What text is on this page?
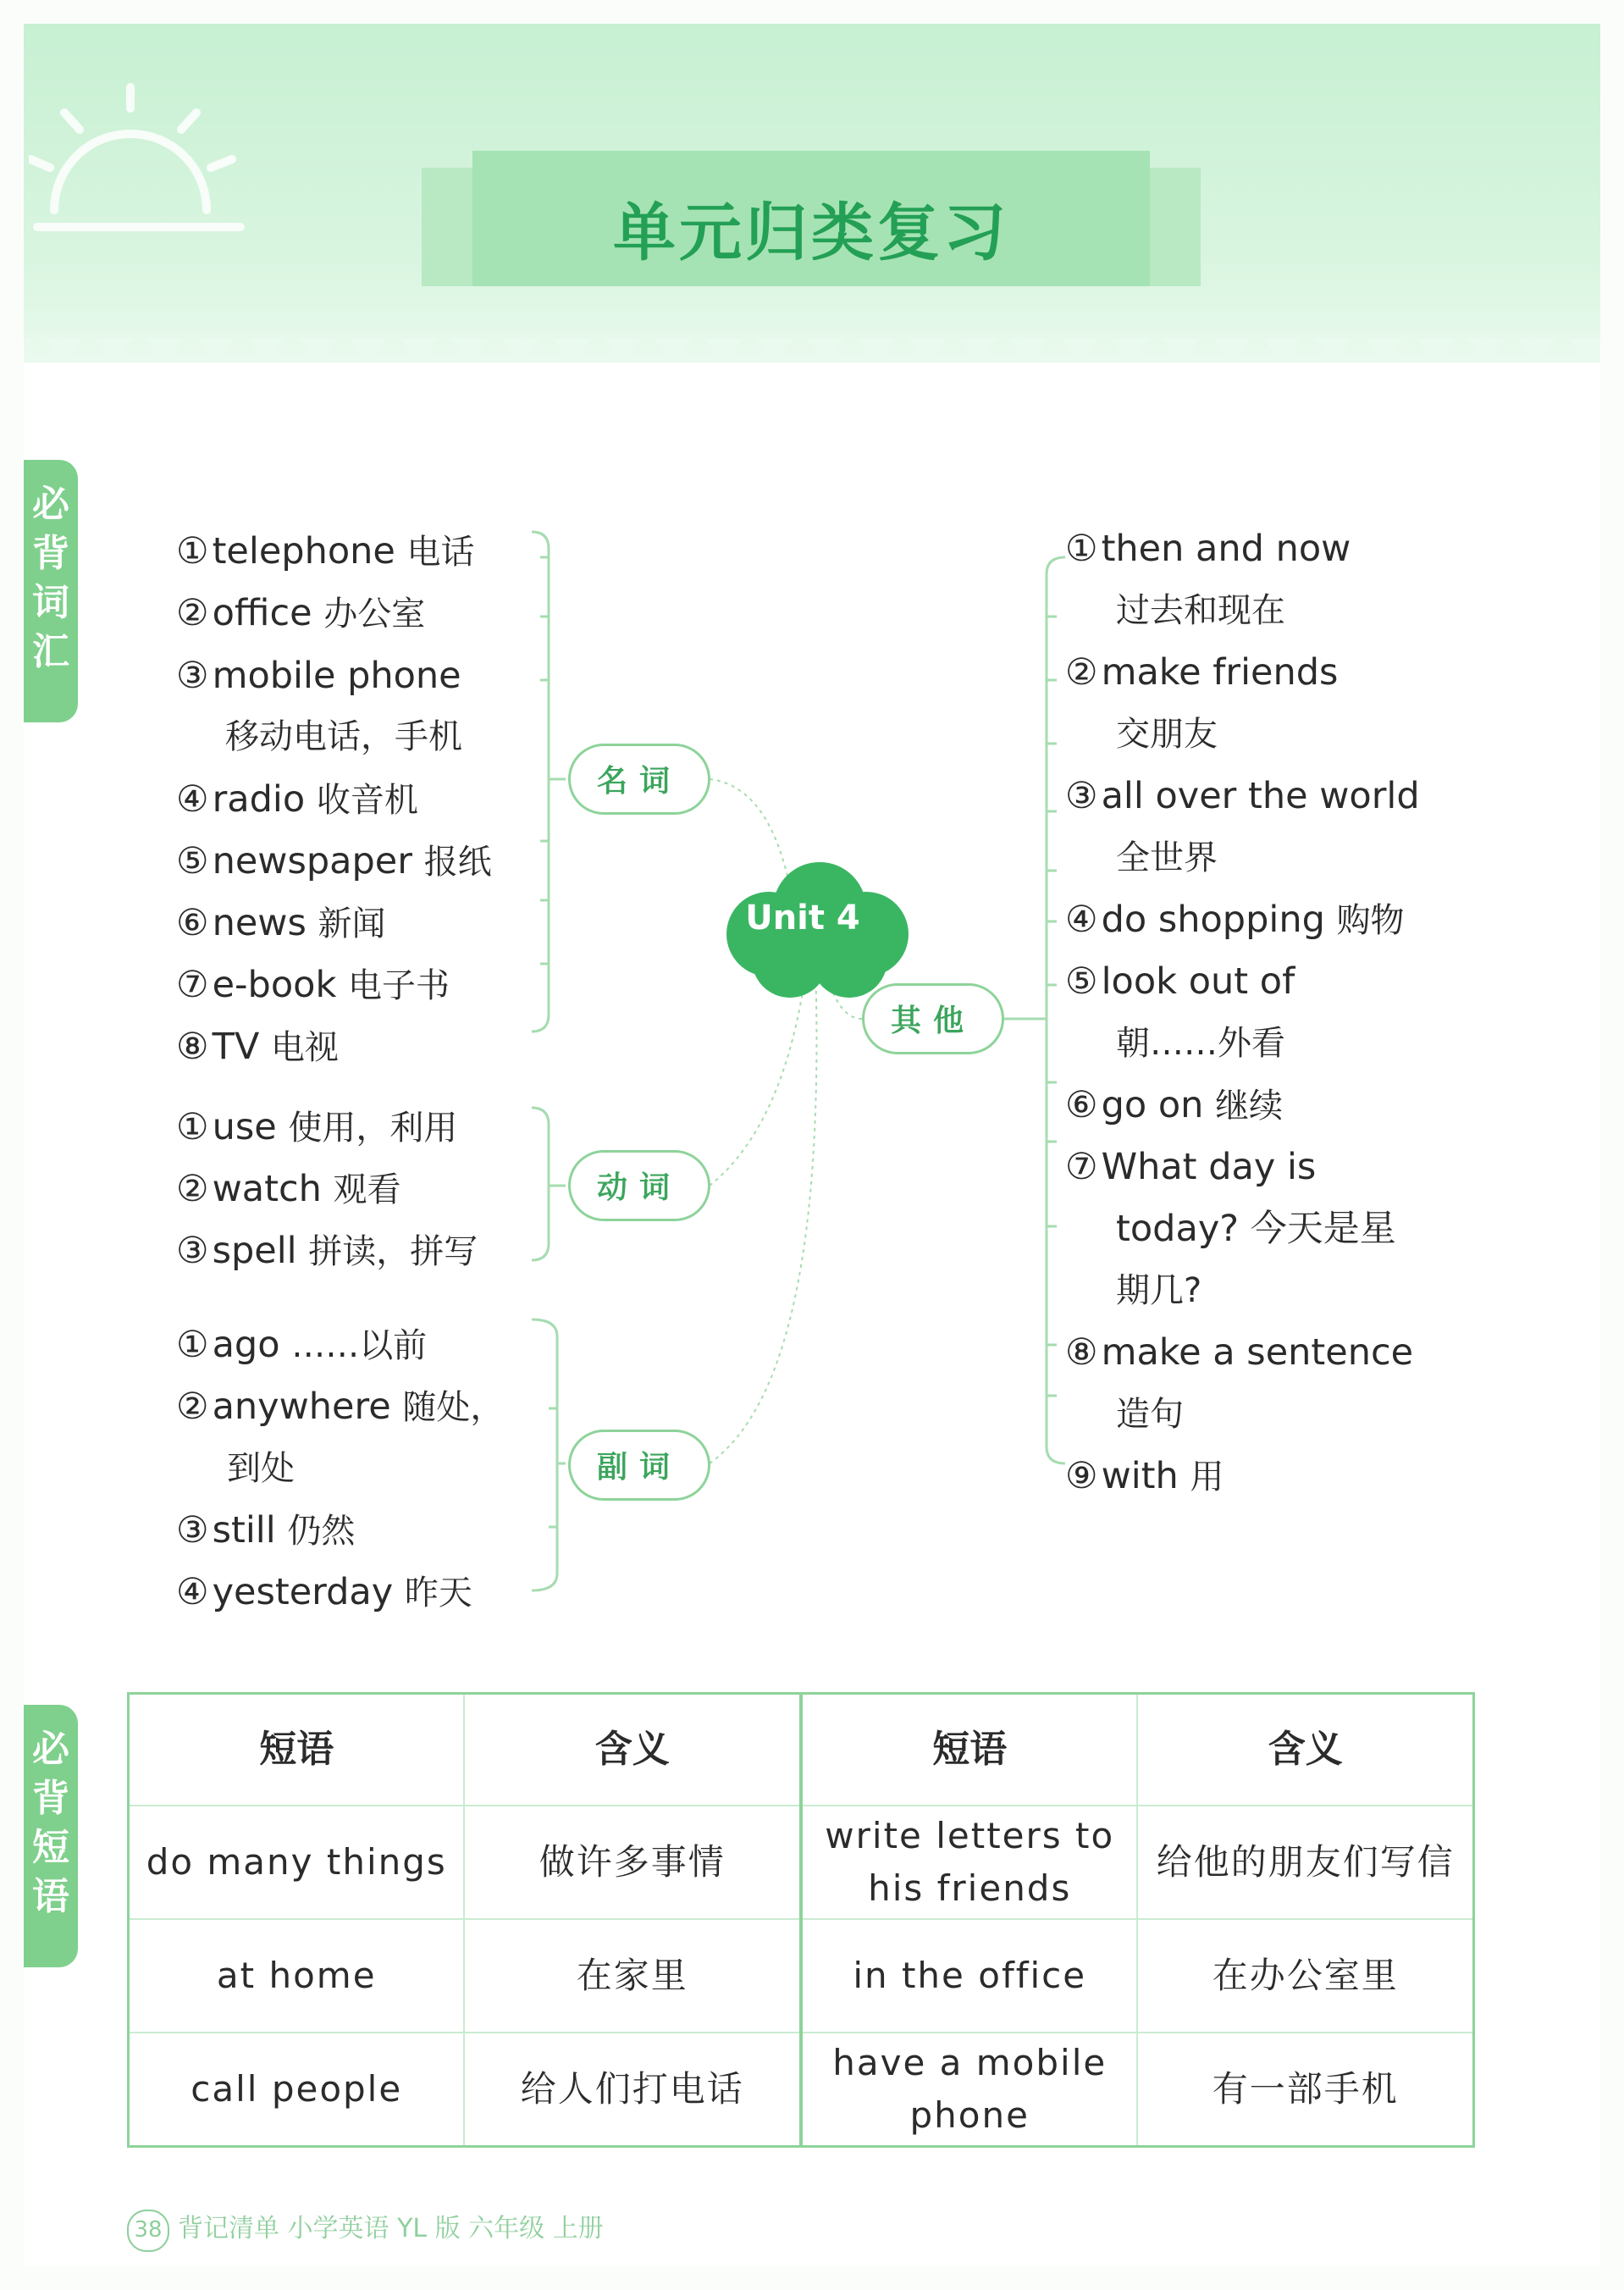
单元归类复习
必
背
词
汇
必
背
短
语
Unit 4
名词
动词
副词
其他
①telephone 电话
②office 办公室
③mobile phone
移动电话，手机
④radio 收音机
⑤newspaper 报纸
⑥news 新闻
⑦e-book 电子书
⑧TV 电视
①use 使用，利用
②watch 观看
③spell 拼读，拼写
①ago ……以前
②anywhere 随处，
到处
③still 仍然
④yesterday 昨天
①then and now
过去和现在
②make friends
交朋友
③all over the world
全世界
④do shopping 购物
⑤look out of
朝……外看
⑥go on 继续
⑦What day is
today? 今天是星
期几?
⑧make a sentence
造句
⑨with 用
短语	含义	短语	含义
do many things	做许多事情	write letters to his friends	给他的朋友们写信
at home	在家里	in the office	在办公室里
call people	给人们打电话	have a mobile phone	有一部手机
38 背记清单 小学英语 YL 版 六年级 上册
